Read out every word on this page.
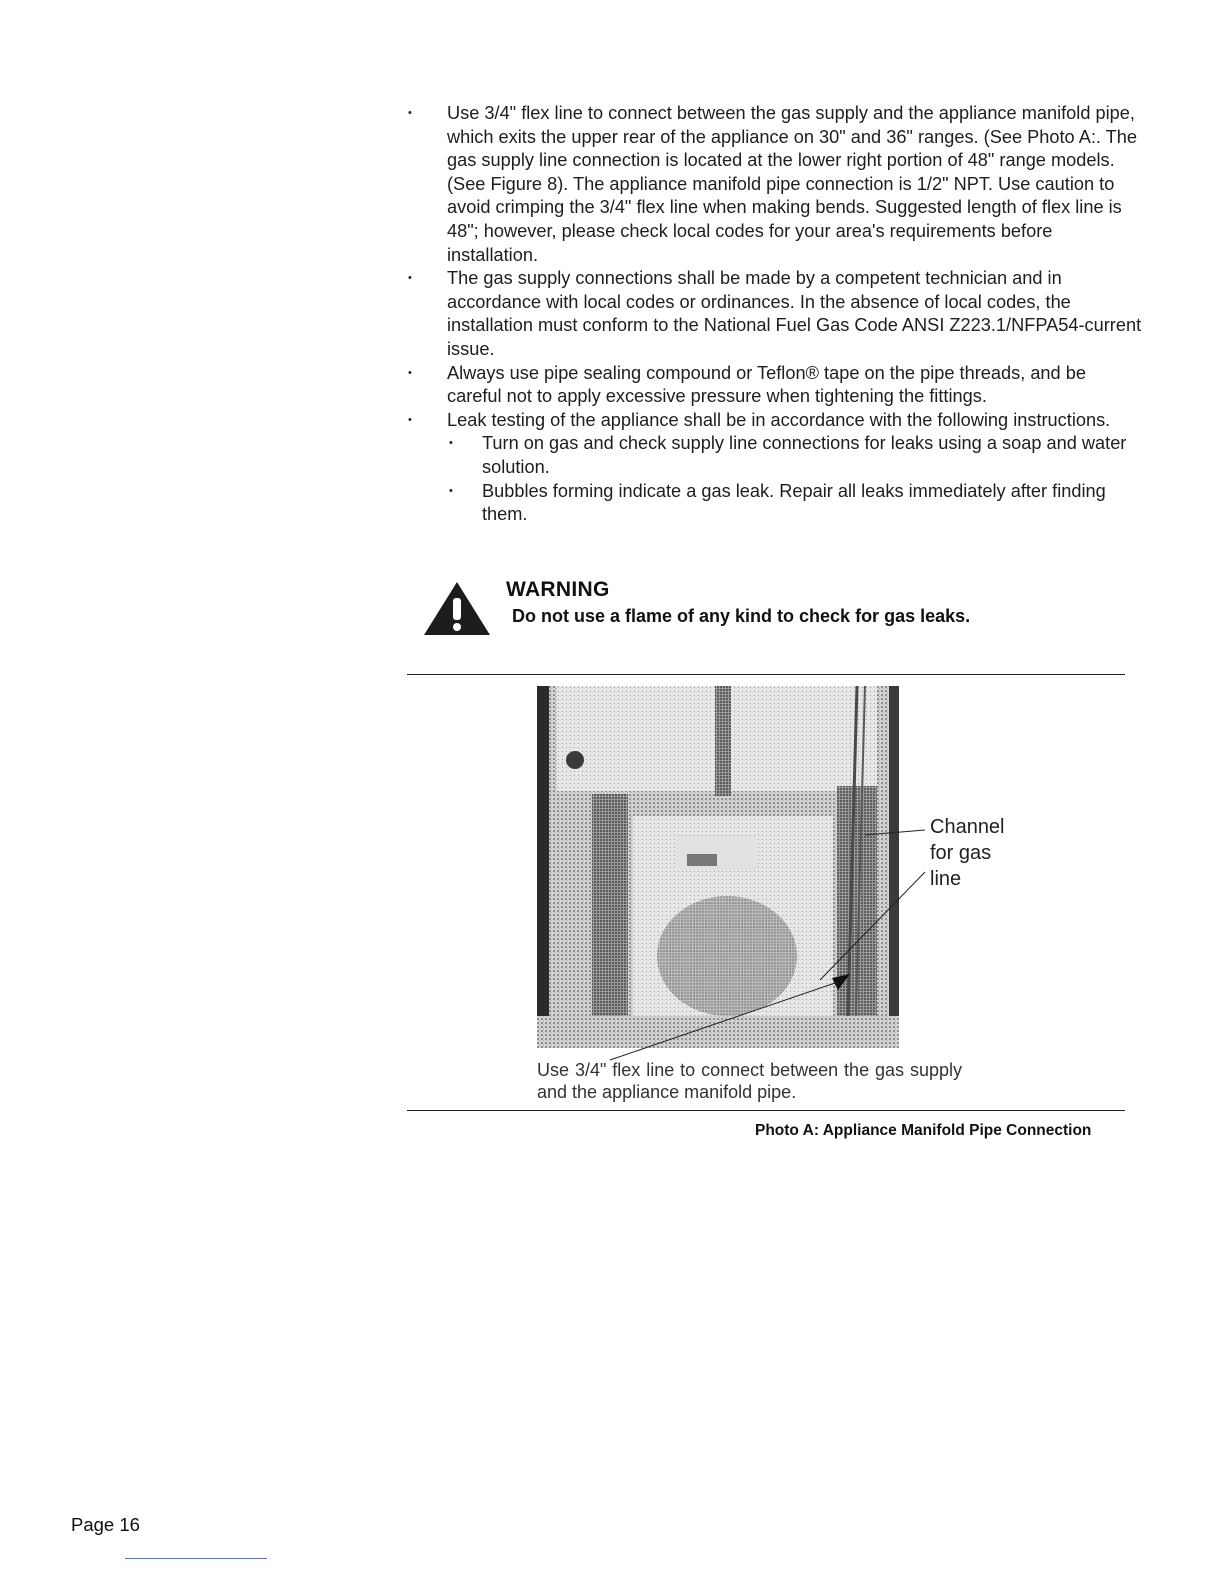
• Use 3/4" flex line to connect between the gas supply and the appliance manifold pipe, which exits the upper rear of the appliance on 30" and 36" ranges. (See Photo A:. The gas supply line connection is located at the lower right portion of 48" range models. (See Figure 8). The appliance manifold pipe connection is 1/2" NPT. Use caution to avoid crimping the 3/4" flex line when making bends. Suggested length of flex line is 48"; however, please check local codes for your area's requirements before installation.
• The gas supply connections shall be made by a competent technician and in accordance with local codes or ordinances. In the absence of local codes, the installation must conform to the National Fuel Gas Code ANSI Z223.1/NFPA54-current issue.
• Always use pipe sealing compound or Teflon® tape on the pipe threads, and be careful not to apply excessive pressure when tightening the fittings.
• Leak testing of the appliance shall be in accordance with the following instructions.
• Turn on gas and check supply line connections for leaks using a soap and water solution.
• Bubbles forming indicate a gas leak. Repair all leaks immediately after finding them.
WARNING
Do not use a flame of any kind to check for gas leaks.
Channel
for gas
line
Use 3/4" flex line to connect between the gas supply and the appliance manifold pipe.
Photo A: Appliance Manifold Pipe Connection
Page 16
